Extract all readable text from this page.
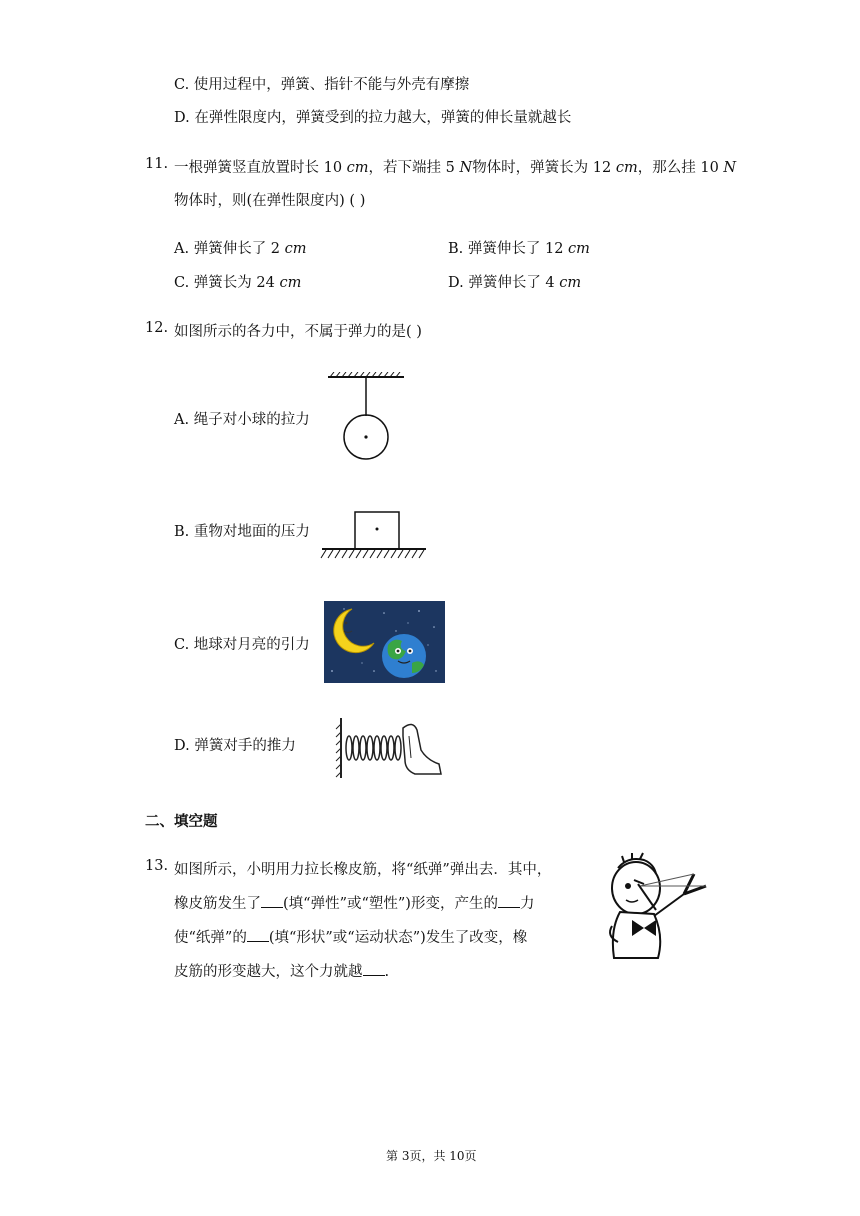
C. 使用过程中，弹簧、指针不能与外壳有摩擦
D. 在弹性限度内，弹簧受到的拉力越大，弹簧的伸长量就越长
11. 一根弹簧竖直放置时长 10 cm，若下端挂 5 N物体时，弹簧长为 12 cm，那么挂 10 N
物体时，则(在弹性限度内) ( )
A. 弹簧伸长了 2 cm	B. 弹簧伸长了 12 cm
C. 弹簧长为 24 cm	D. 弹簧伸长了 4 cm
12. 如图所示的各力中，不属于弹力的是( )
A. 绳子对小球的拉力
B. 重物对地面的压力
C. 地球对月亮的引力
D. 弹簧对手的推力
二、填空题
13. 如图所示，小明用力拉长橡皮筋，将“纸弹”弹出去．其中，
橡皮筋发生了 (填“弹性”或“塑性”)形变，产生的 力
使“纸弹”的 (填“形状”或“运动状态”)发生了改变，橡
皮筋的形变越大，这个力就越 .
第 3页，共 10页
